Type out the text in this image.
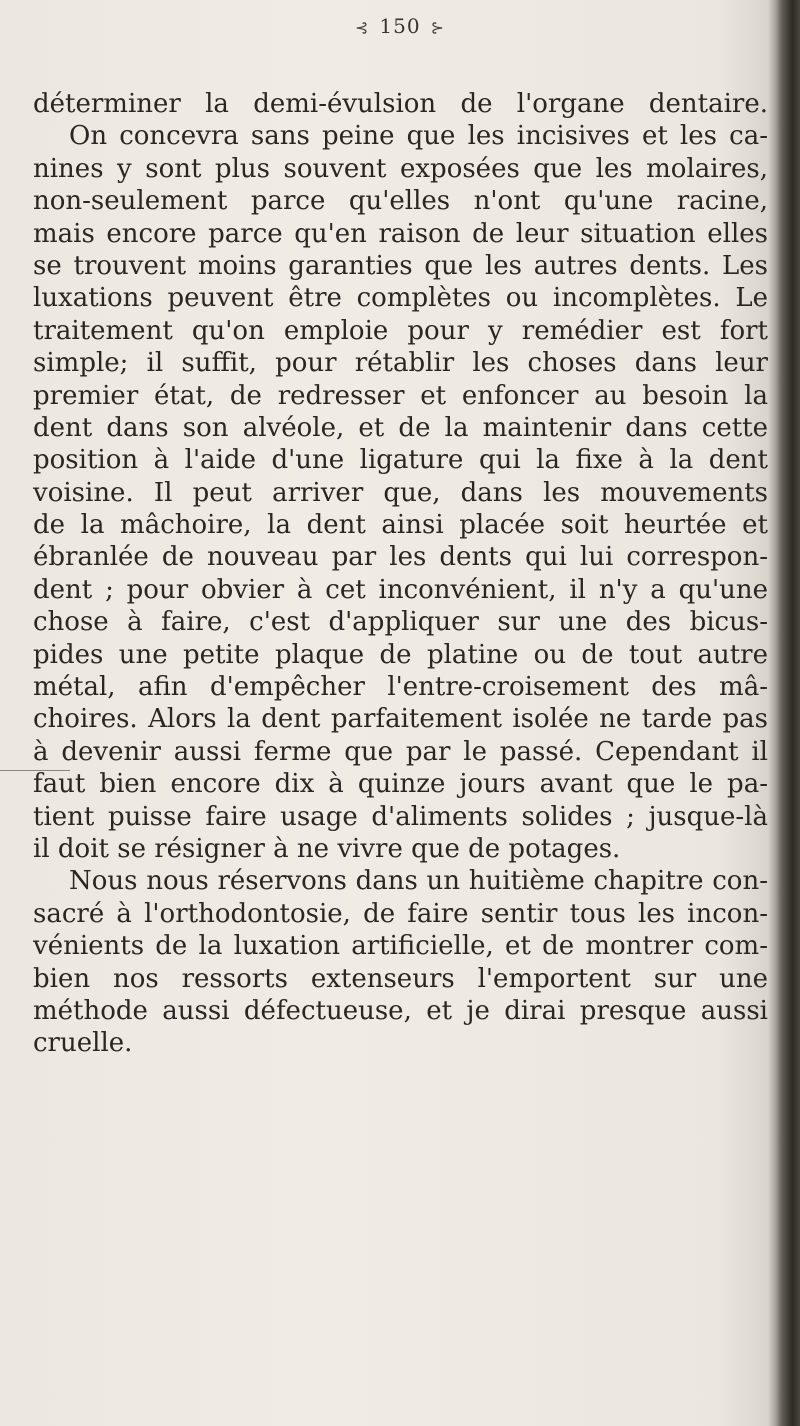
⊰ 150 ⊱
déterminer la demi-évulsion de l'organe dentaire.
On concevra sans peine que les incisives et les ca-
nines y sont plus souvent exposées que les molaires,
non-seulement parce qu'elles n'ont qu'une racine,
mais encore parce qu'en raison de leur situation elles
se trouvent moins garanties que les autres dents. Les
luxations peuvent être complètes ou incomplètes. Le
traitement qu'on emploie pour y remédier est fort
simple; il suffit, pour rétablir les choses dans leur
premier état, de redresser et enfoncer au besoin la
dent dans son alvéole, et de la maintenir dans cette
position à l'aide d'une ligature qui la fixe à la dent
voisine. Il peut arriver que, dans les mouvements
de la mâchoire, la dent ainsi placée soit heurtée et
ébranlée de nouveau par les dents qui lui correspon-
dent ; pour obvier à cet inconvénient, il n'y a qu'une
chose à faire, c'est d'appliquer sur une des bicus-
pides une petite plaque de platine ou de tout autre
métal, afin d'empêcher l'entre-croisement des mâ-
choires. Alors la dent parfaitement isolée ne tarde pas
à devenir aussi ferme que par le passé. Cependant il
faut bien encore dix à quinze jours avant que le pa-
tient puisse faire usage d'aliments solides ; jusque-là
il doit se résigner à ne vivre que de potages.
Nous nous réservons dans un huitième chapitre con-
sacré à l'orthodontosie, de faire sentir tous les incon-
vénients de la luxation artificielle, et de montrer com-
bien nos ressorts extenseurs l'emportent sur une
méthode aussi défectueuse, et je dirai presque aussi
cruelle.
